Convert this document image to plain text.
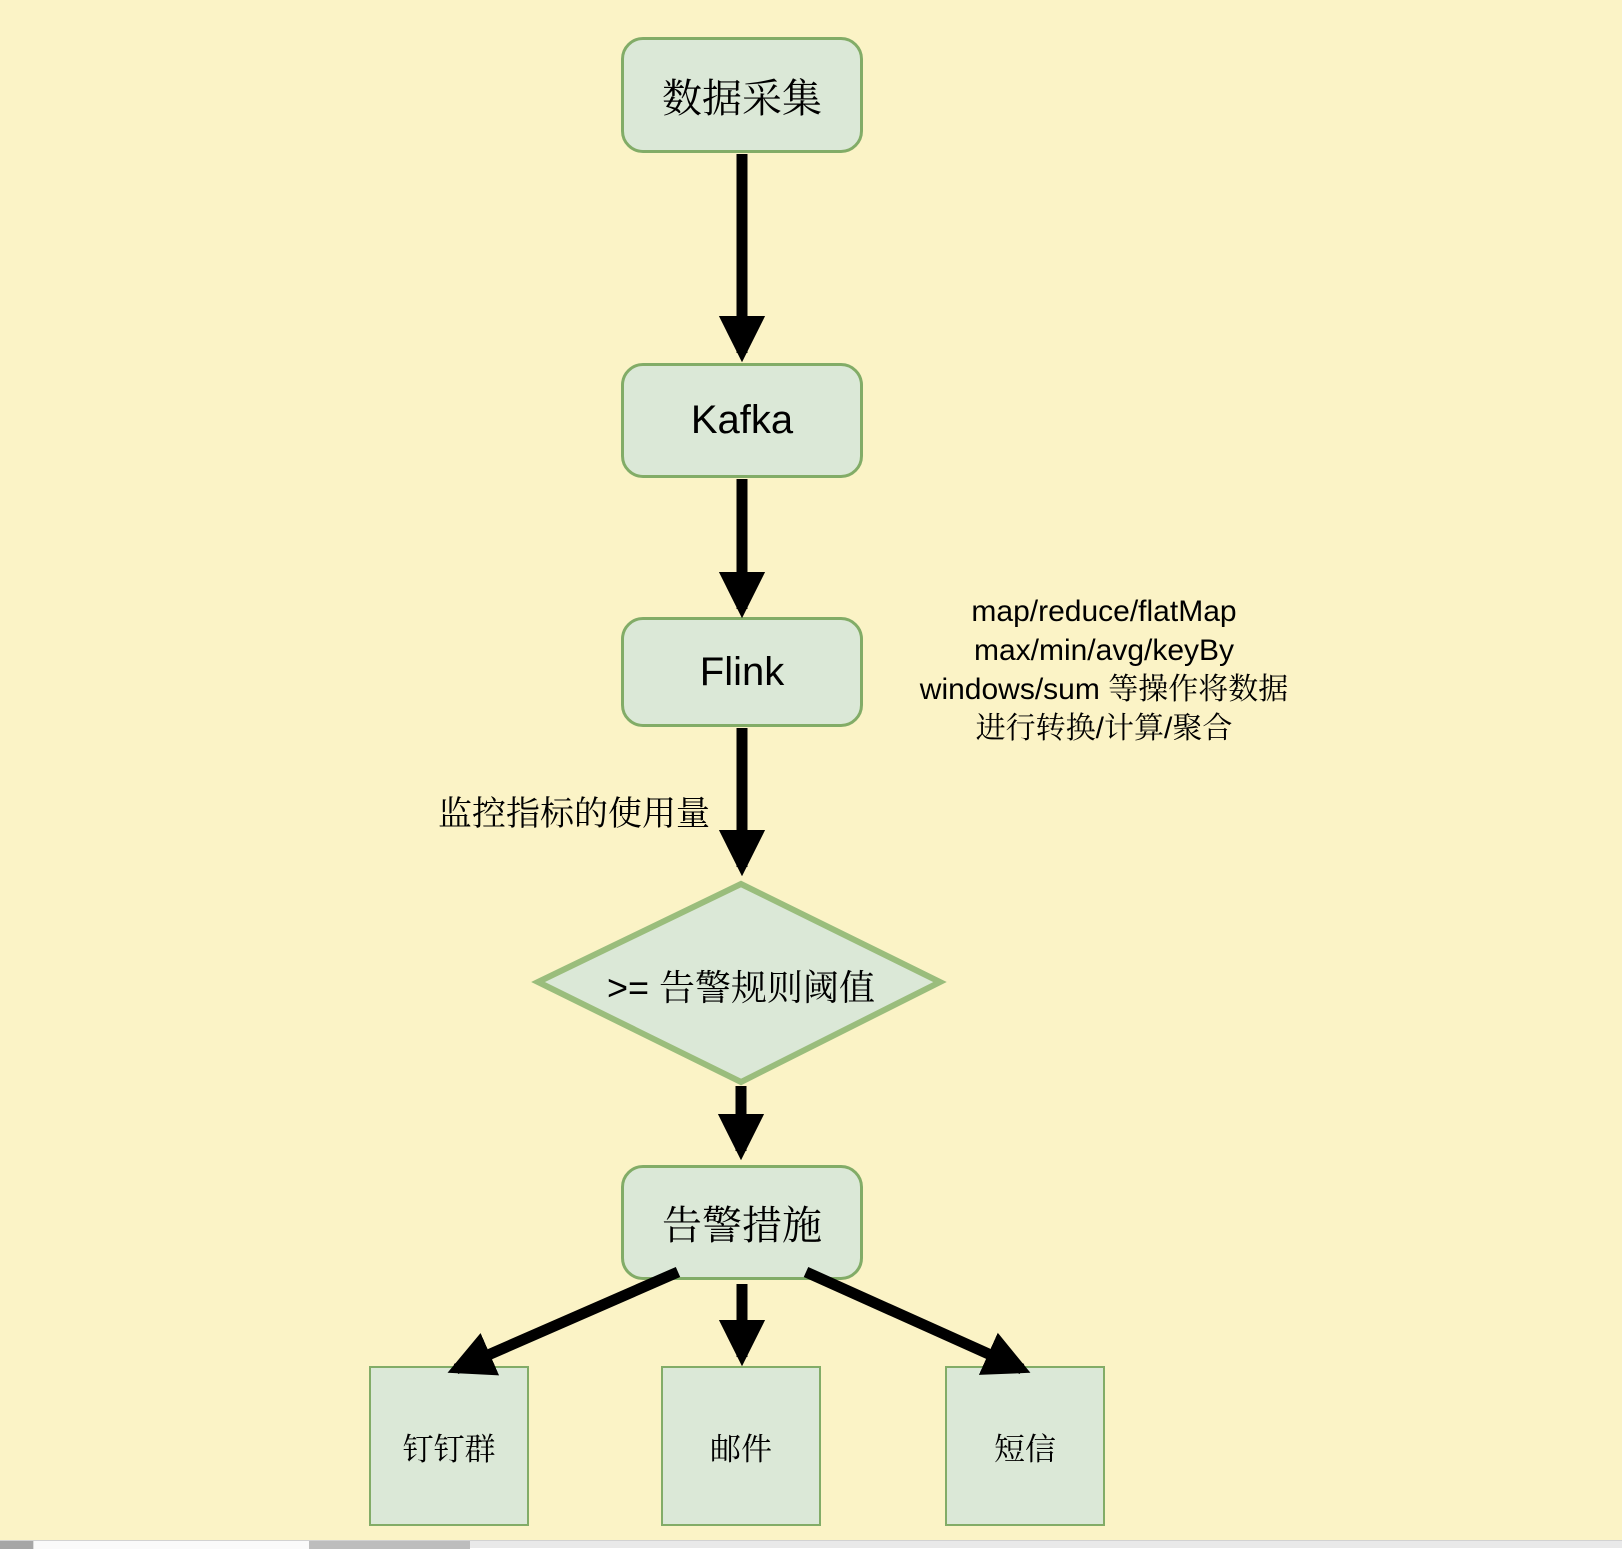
数据采集
Kafka
Flink
告警措施
钉钉群	邮件	短信
>= 告警规则阈值
监控指标的使用量
map/reduce/flatMap
max/min/avg/keyBy
windows/sum 等操作将数据
进行转换/计算/聚合
